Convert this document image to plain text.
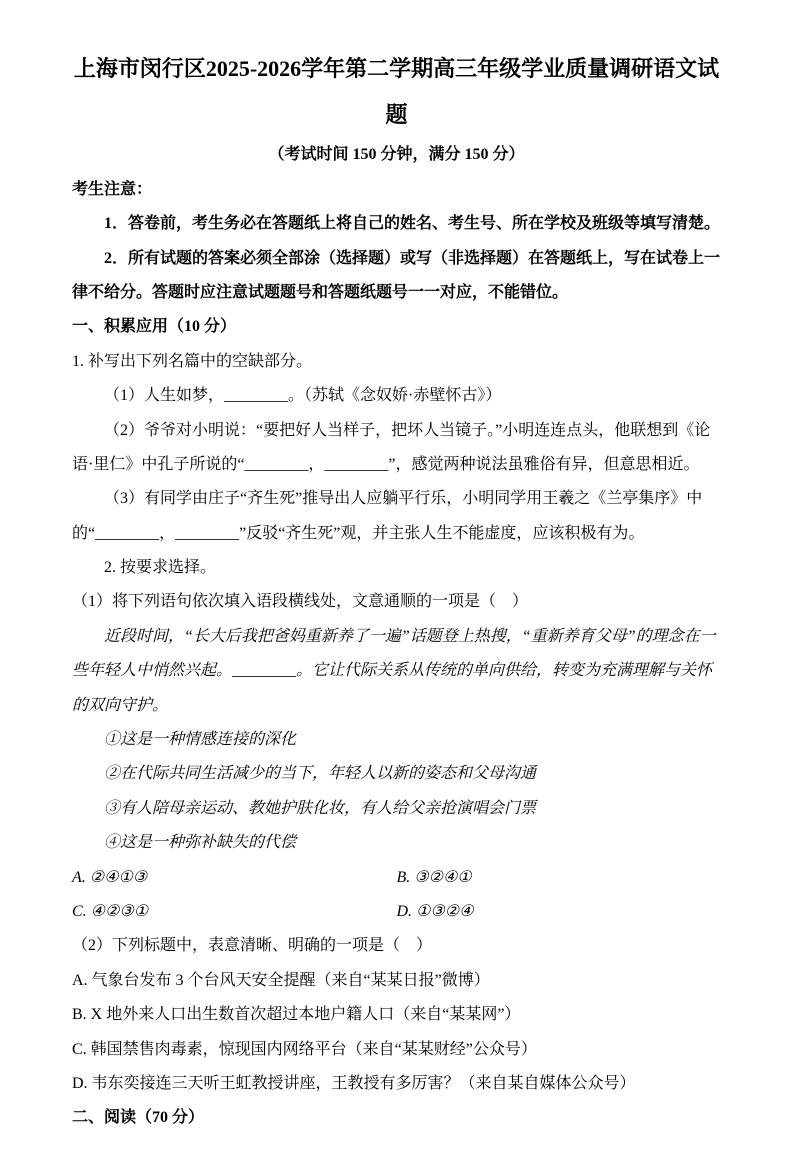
上海市闵行区2025-2026学年第二学期高三年级学业质量调研语文试

题

（考试时间 150 分钟，满分 150 分）

考生注意：

1．答卷前，考生务必在答题纸上将自己的姓名、考生号、所在学校及班级等填写清楚。

2．所有试题的答案必须全部涂（选择题）或写（非选择题）在答题纸上，写在试卷上一律不给分。答题时应注意试题题号和答题纸题号一一对应，不能错位。

一、积累应用（10 分）

1. 补写出下列名篇中的空缺部分。

（1）人生如梦，________。（苏轼《念奴娇·赤壁怀古》）

（2）爷爷对小明说：“要把好人当样子，把坏人当镜子。”小明连连点头，他联想到《论语·里仁》中孔子所说的“________，________”，感觉两种说法虽雅俗有异，但意思相近。

（3）有同学由庄子“齐生死”推导出人应躺平行乐，小明同学用王羲之《兰亭集序》中的“________，________”反驳“齐生死”观，并主张人生不能虚度，应该积极有为。

2. 按要求选择。

（1）将下列语句依次填入语段横线处，文意通顺的一项是（　）

近段时间，“长大后我把爸妈重新养了一遍”话题登上热搜，“重新养育父母”的理念在一些年轻人中悄然兴起。________。它让代际关系从传统的单向供给，转变为充满理解与关怀的双向守护。

①这是一种情感连接的深化

②在代际共同生活减少的当下，年轻人以新的姿态和父母沟通

③有人陪母亲运动、教她护肤化妆，有人给父亲抢演唱会门票

④这是一种弥补缺失的代偿

A. ②④①③	B. ③②④①

C. ④②③①	D. ①③②④

（2）下列标题中，表意清晰、明确的一项是（　）

A. 气象台发布 3 个台风天安全提醒（来自“某某日报”微博）

B. X 地外来人口出生数首次超过本地户籍人口（来自“某某网”）

C. 韩国禁售肉毒素，惊现国内网络平台（来自“某某财经”公众号）

D. 韦东奕接连三天听王虹教授讲座，王教授有多厉害？（来自某自媒体公众号）

二、阅读（70 分）
